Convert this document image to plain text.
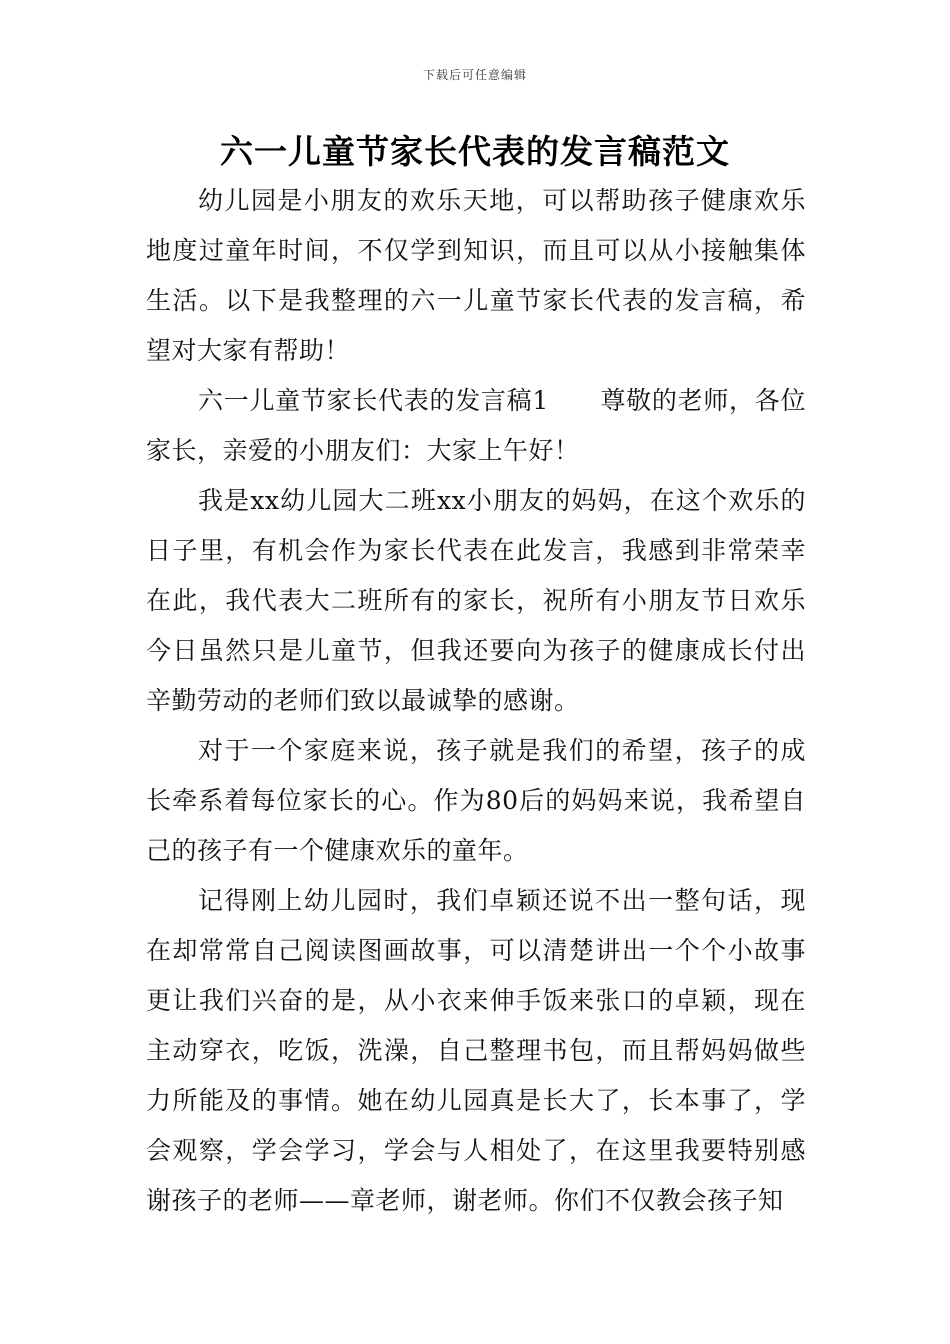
下载后可任意编辑
六一儿童节家长代表的发言稿范文

幼儿园是小朋友的欢乐天地，可以帮助孩子健康欢乐地度过童年时间，不仅学到知识，而且可以从小接触集体生活。以下是我整理的六一儿童节家长代表的发言稿，希望对大家有帮助！

六一儿童节家长代表的发言稿1　　尊敬的老师，各位家长，亲爱的小朋友们：大家上午好！

我是xx幼儿园大二班xx小朋友的妈妈，在这个欢乐的日子里，有机会作为家长代表在此发言，我感到非常荣幸在此，我代表大二班所有的家长，祝所有小朋友节日欢乐今日虽然只是儿童节，但我还要向为孩子的健康成长付出辛勤劳动的老师们致以最诚挚的感谢。

对于一个家庭来说，孩子就是我们的希望，孩子的成长牵系着每位家长的心。作为80后的妈妈来说，我希望自己的孩子有一个健康欢乐的童年。

记得刚上幼儿园时，我们卓颖还说不出一整句话，现在却常常自己阅读图画故事，可以清楚讲出一个个小故事更让我们兴奋的是，从小衣来伸手饭来张口的卓颖，现在主动穿衣，吃饭，洗澡，自己整理书包，而且帮妈妈做些力所能及的事情。她在幼儿园真是长大了，长本事了，学会观察，学会学习，学会与人相处了，在这里我要特别感谢孩子的老师——章老师，谢老师。你们不仅教会孩子知
